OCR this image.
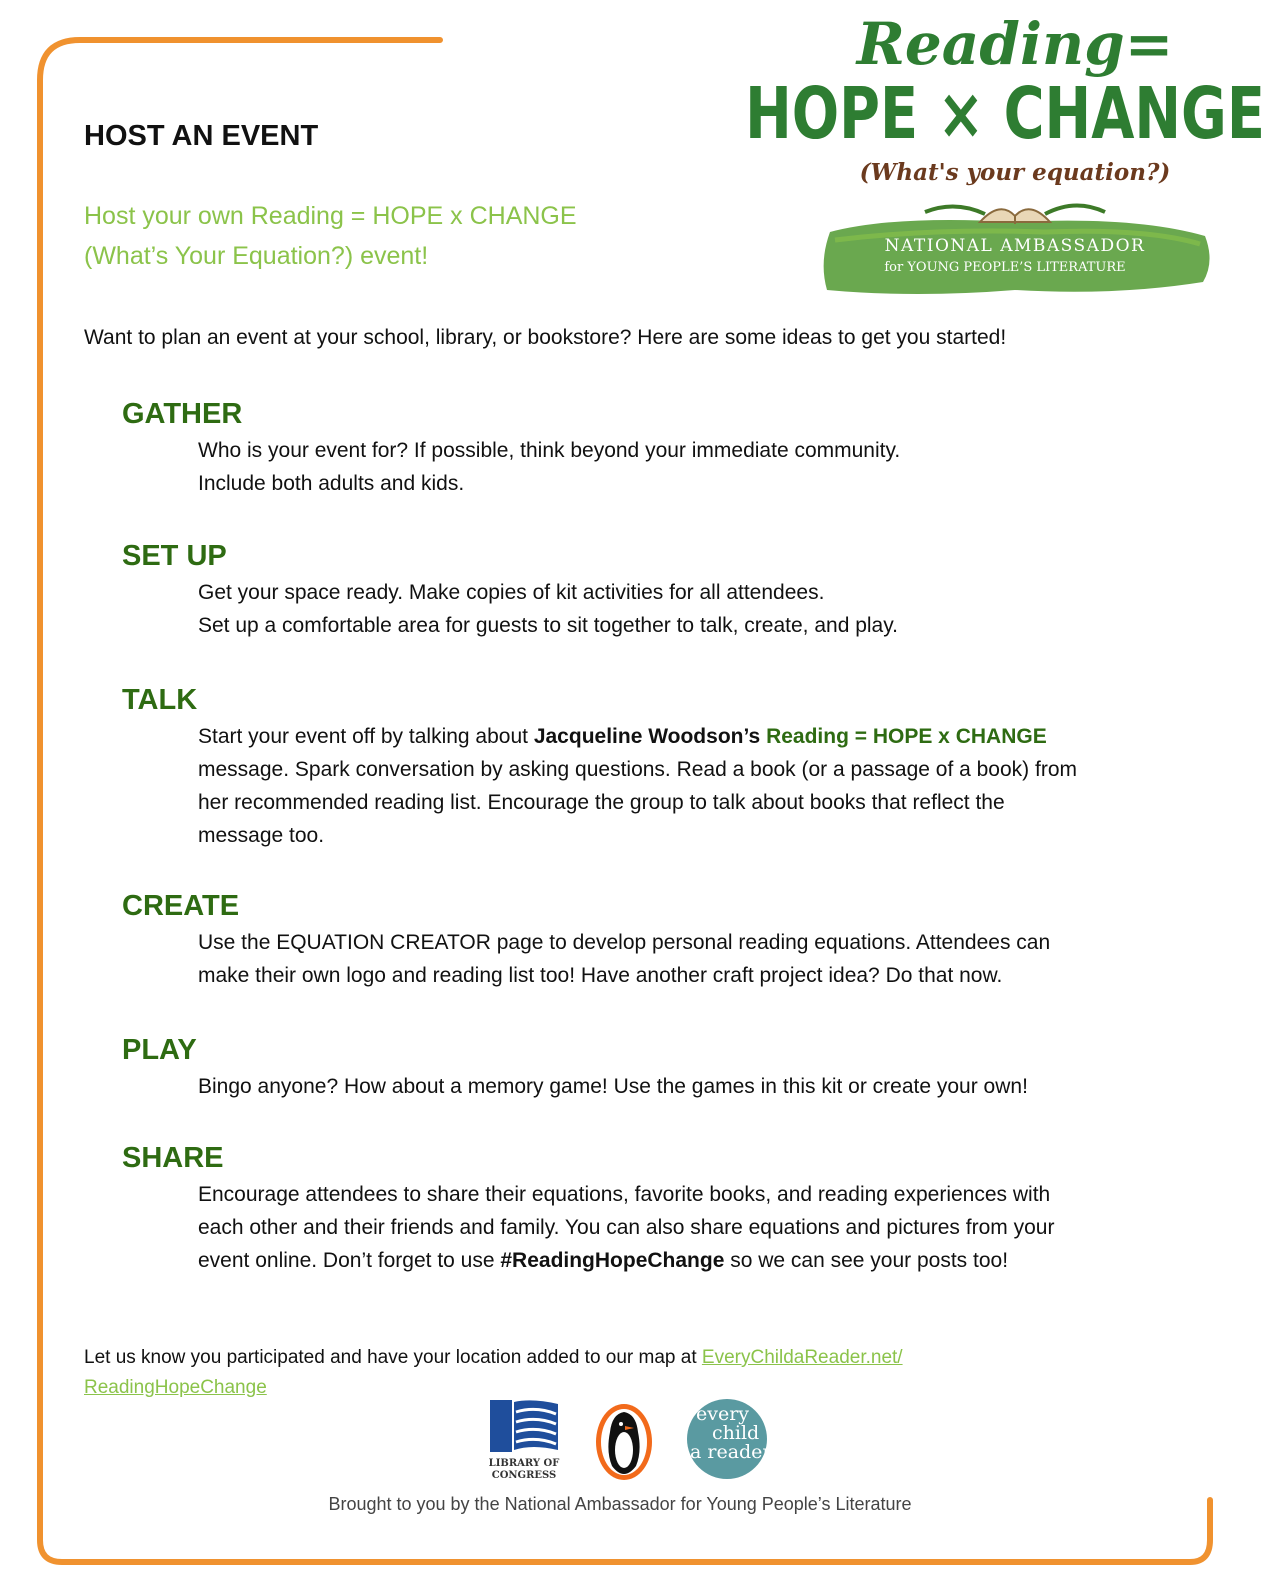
Reading=
HOPE × CHANGE
(What's your equation?)
NATIONAL AMBASSADOR
for YOUNG PEOPLE’S LITERATURE
HOST AN EVENT
Host your own Reading = HOPE x CHANGE
(What’s Your Equation?) event!

Want to plan an event at your school, library, or bookstore? Here are some ideas to get you started!

GATHER
Who is your event for? If possible, think beyond your immediate community.
Include both adults and kids.
SET UP
Get your space ready. Make copies of kit activities for all attendees.
Set up a comfortable area for guests to sit together to talk, create, and play.
TALK
Start your event off by talking about Jacqueline Woodson’s Reading = HOPE x CHANGE
message. Spark conversation by asking questions. Read a book (or a passage of a book) from
her recommended reading list. Encourage the group to talk about books that reflect the
message too.
CREATE
Use the EQUATION CREATOR page to develop personal reading equations. Attendees can
make their own logo and reading list too! Have another craft project idea? Do that now.
PLAY
Bingo anyone? How about a memory game! Use the games in this kit or create your own!
SHARE
Encourage attendees to share their equations, favorite books, and reading experiences with
each other and their friends and family. You can also share equations and pictures from your
event online. Don’t forget to use #ReadingHopeChange so we can see your posts too!
Let us know you participated and have your location added to our map at EveryChildaReader.net/
ReadingHopeChange
LIBRARY OF
CONGRESS
every
child
a reader
Brought to you by the National Ambassador for Young People’s Literature
